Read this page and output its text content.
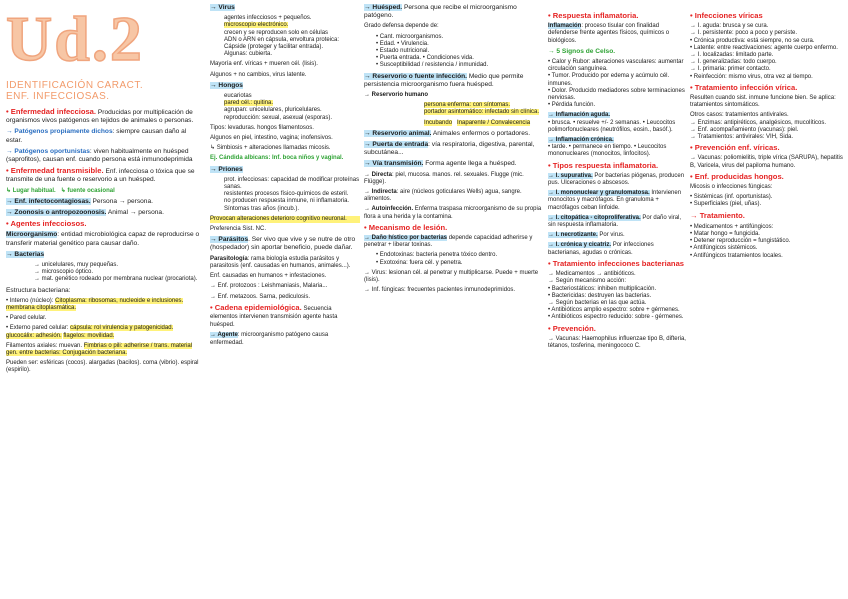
Ud.2
IDENTIFICACIÓN CARACT.
ENF. INFECCIOSAS.

• Enfermedad infecciosa. Producidas por multiplicación de organismos vivos patógenos en tejidos de animales o personas.

→ Patógenos propiamente dichos: siempre causan daño al estar.

→ Patógenos oportunistas: viven habitualmente en huésped (saprofitos), causan enf. cuando persona está inmunodeprimida

• Enfermedad transmisible. Enf. infecciosa o tóxica que se transmite de una fuente o reservorio a un huésped.

↳ Lugar habitual. ↳ fuente ocasional

→ Enf. infectocontagiosas. Persona → persona.

→ Zoonosis o antropozoonosis. Animal → persona.

• Agentes infecciosos.

Microorganismo: entidad microbiológica capaz de reproducirse o transferir material genético para causar daño.

→ Bacterias

→ unicelulares, muy pequeñas.
→ microscopio óptico.
→ mat. genético rodeado por membrana nuclear (procariota).

Estructura bacteriana:

• Interno (núcleo): Citoplasma: ribosomas, nucleoide e inclusiones. membrana citoplasmática.

• Pared celular.

• Externo pared celular: cápsula: rol virulencia y patogenicidad. glucocálix: adhesión. flagelos: movilidad.

Filamentos axiales: muevan. Fimbrias o pili: adherirse / trans. material gen. entre bacterias: Conjugación bacteriana.

Pueden ser: esféricas (cocos). alargadas (bacilos). coma (vibrio). espiral (espirilo).

→ Virus

agentes infecciosos + pequeños.
microscopio electrónico.
crecen y se reproducen solo en células
ADN o ARN en cápsula, envoltura proteica: Cápside (proteger y facilitar entrada).
Algunas: cubierta.

Mayoría enf. víricas + mueren cél. (lisis).

Algunos + no cambios, virus latente.

→ Hongos

eucariotas
pared cél.: quitina.
agrupan: unicelulares, pluricelulares.
reproducción: sexual, asexual (esporas).

Tipos: levaduras. hongos filamentosos.

Algunos en piel, intestino, vagina; inofensivos.

↳ Simbiosis + alteraciones llamadas micosis.

Ej. Cándida albicans: Inf. boca niños y vaginal.

→ Priones

prot. infecciosas: capacidad de modificar proteínas sanas.
resistentes procesos físico-químicos de esteril.
no producen respuesta inmune, ni inflamatoria.
Síntomas tras años (incub.).

Provocan alteraciones deterioro cognitivo neuronal.

Preferencia Sist. NC.

→ Parásitos. Ser vivo que vive y se nutre de otro (hospedador) sin aportar beneficio, puede dañar.

Parasitología: rama biología estudia parásitos y parasitosis (enf. causadas en humanos, animales...).

Enf. causadas en humanos + infestaciones.

→ Enf. protozoos : Leishmaniasis, Malaria...

→ Enf. metazoos. Sarna, pediculosis.

• Cadena epidemiológica. Secuencia elementos intervienen transmisión agente hasta huésped.

→ Agente: microorganismo patógeno causa enfermedad.

→ Huésped. Persona que recibe el microorganismo patógeno.

Grado defensa depende de:

• Cant. microorganismos.
• Edad. • Virulencia.
• Estado nutricional.
• Puerta entrada. • Condiciones vida.
• Susceptibilidad / resistencia / inmunidad.

→ Reservorio o fuente infección. Medio que permite persistencia microorganismo fuera huésped.

→ Reservorio humano

persona enferma: con síntomas.
portador asintomático: infectado sin clínica.

Incubando Inaparente / Convalecencia

→ Reservorio animal. Animales enfermos o portadores.

→ Puerta de entrada: vía respiratoria, digestiva, parental, subcutánea...

→ Vía transmisión. Forma agente llega a huésped.

→ Directa: piel, mucosa. manos. rel. sexuales. Flugge (mic. Flügge).

→ Indirecta: aire (núcleos goticulares Wells) agua, sangre. alimentos.

→ Autoinfección. Enferma traspasa microorganismo de su propia flora a una herida y la contamina.

• Mecanismo de lesión.

→ Daño hístico por bacterias depende capacidad adherirse y penetrar + liberar toxinas.

• Endotoxinas: bacteria penetra tóxico dentro.
• Exotoxina: fuera cél. y penetra.

→ Virus: lesionan cél. al penetrar y multiplicarse. Puede + muerte (lisis).

→ Inf. fúngicas: frecuentes pacientes inmunodeprimidos.

• Respuesta inflamatoria.

Inflamación: proceso tisular con finalidad defenderse frente agentes físicos, químicos o biológicos.

→ 5 Signos de Celso.

• Calor y Rubor: alteraciones vasculares: aumentar circulación sanguínea.
• Tumor. Producido por edema y acúmulo cél. inmunes.
• Dolor. Producido mediadores sobre terminaciones nerviosas.
• Pérdida función.

→ Inflamación aguda.
• brusca. • resuelve +/- 2 semanas. • Leucocitos polimorfonucleares (neutrófilos, eosin., basóf.).

→ Inflamación crónica.
• tarde. • permanece en tiempo. • Leucocitos mononucleares (monocitos, linfocitos).

• Tipos respuesta inflamatoria.

→ I. supurativa. Por bacterias piógenas, producen pus. Ulceraciones o abscesos.

→ I. mononuclear y granulomatosa. Intervienen monocitos y macrófagos. En granuloma + macrófagos ceban linfoide.

→ I. citopática - citoproliferativa. Por daño viral, sin respuesta inflamatoria.

→ I. necrotizante. Por virus.

→ I. crónica y cicatriz. Por infecciones bacterianas, agudas o crónicas.

• Tratamiento infecciones bacterianas

→ Medicamentos → antibióticos.
→ Según mecanismo acción:
• Bacteriostáticos: inhiben multiplicación.
• Bactericidas: destruyen las bacterias.
→ Según bacterias en las que actúa.
• Antibióticos amplio espectro: sobre + gérmenes.
• Antibióticos espectro reducido: sobre - gérmenes.

• Prevención.

→ Vacunas: Haemophilus influenzae tipo B, difteria, tétanos, tosferina, meningococo C.

• Infecciones víricas

→ I. aguda: brusca y se cura.
→ I. persistente: poco a poco y persiste.
• Crónica productiva: está siempre, no se cura.
• Latente: entre reactivaciones: agente cuerpo enfermo.
→ I. localizadas: limitado parte.
→ I. generalizadas: todo cuerpo.
→ I. primaria: primer contacto.
• Reinfección: mismo virus, otra vez al tiempo.

• Tratamiento infección vírica.

Resulten cuando sist. inmune funcione bien. Se aplica: tratamientos sintomáticos.

Otros casos: tratamientos antivirales.
→ Enzimas: antipiréticos, analgésicos, mucolíticos.
→ Enf. acompañamiento (vacunas): piel.
→ Tratamientos: antivirales: VIH, Sida.

• Prevención enf. víricas.

→ Vacunas: poliomielitis, triple vírica (SARUPA), hepatitis B, Varicela, virus del papiloma humano.

• Enf. producidas hongos.

Micosis o infecciones fúngicas:

• Sistémicas (inf. oportunistas).
• Superficiales (piel, uñas).

→ Tratamiento.

• Medicamentos + antifúngicos:
• Matar hongo = fungicida.
• Detener reproducción = fungistático.
• Antifúngicos sistémicos.
• Antifúngicos tratamientos locales.
